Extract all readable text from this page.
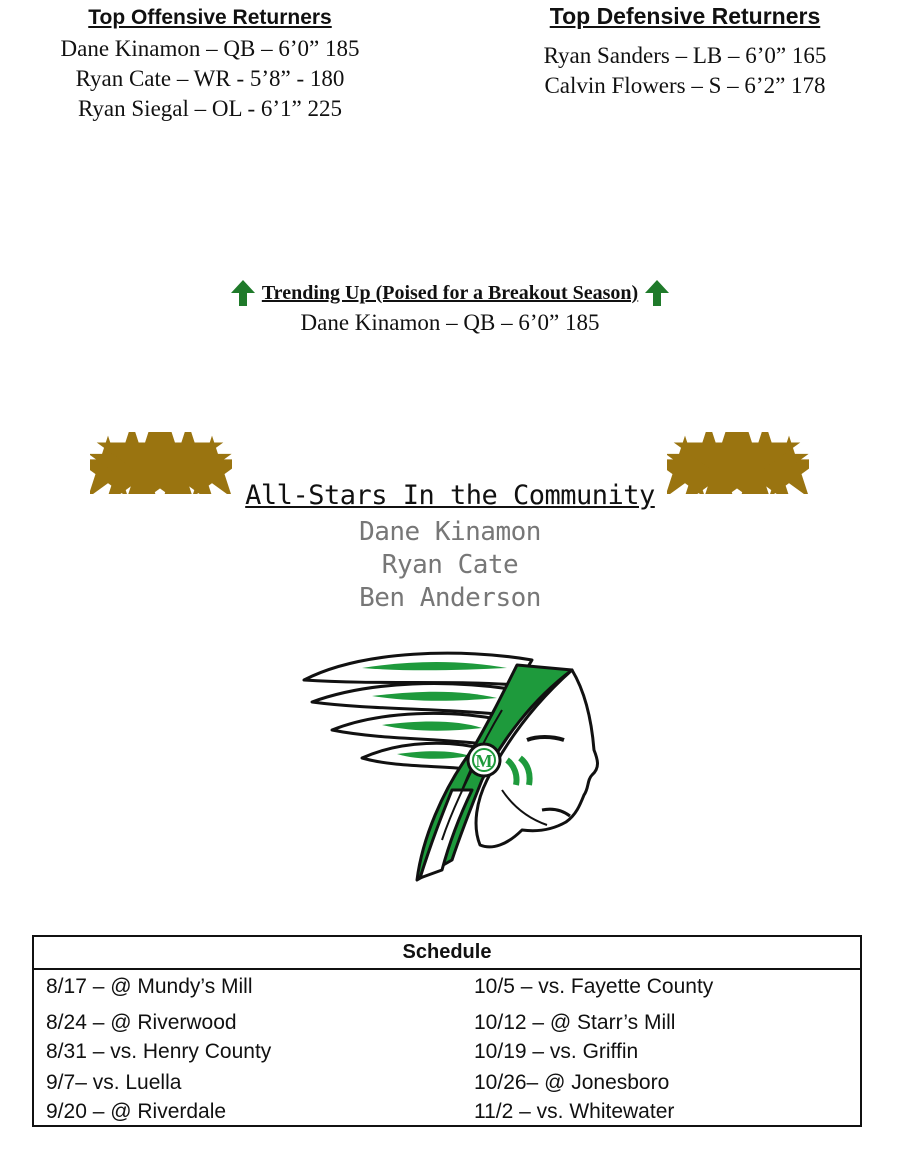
Top Offensive Returners
Dane Kinamon – QB – 6’0” 185
Ryan Cate – WR - 5’8” - 180
Ryan Siegal – OL - 6’1” 225
Top Defensive Returners
Ryan Sanders – LB – 6’0” 165
Calvin Flowers – S – 6’2” 178
Trending Up (Poised for a Breakout Season)
Dane Kinamon – QB – 6’0” 185
All-Stars In the Community
Dane Kinamon
Ryan Cate
Ben Anderson
M
Schedule
8/17 – @ Mundy’s Mill
8/24 – @ Riverwood
8/31 – vs. Henry County
9/7– vs. Luella
9/20 – @ Riverdale
10/5 – vs. Fayette County
10/12 – @ Starr’s Mill
10/19 – vs. Griffin
10/26– @ Jonesboro
11/2 – vs. Whitewater
